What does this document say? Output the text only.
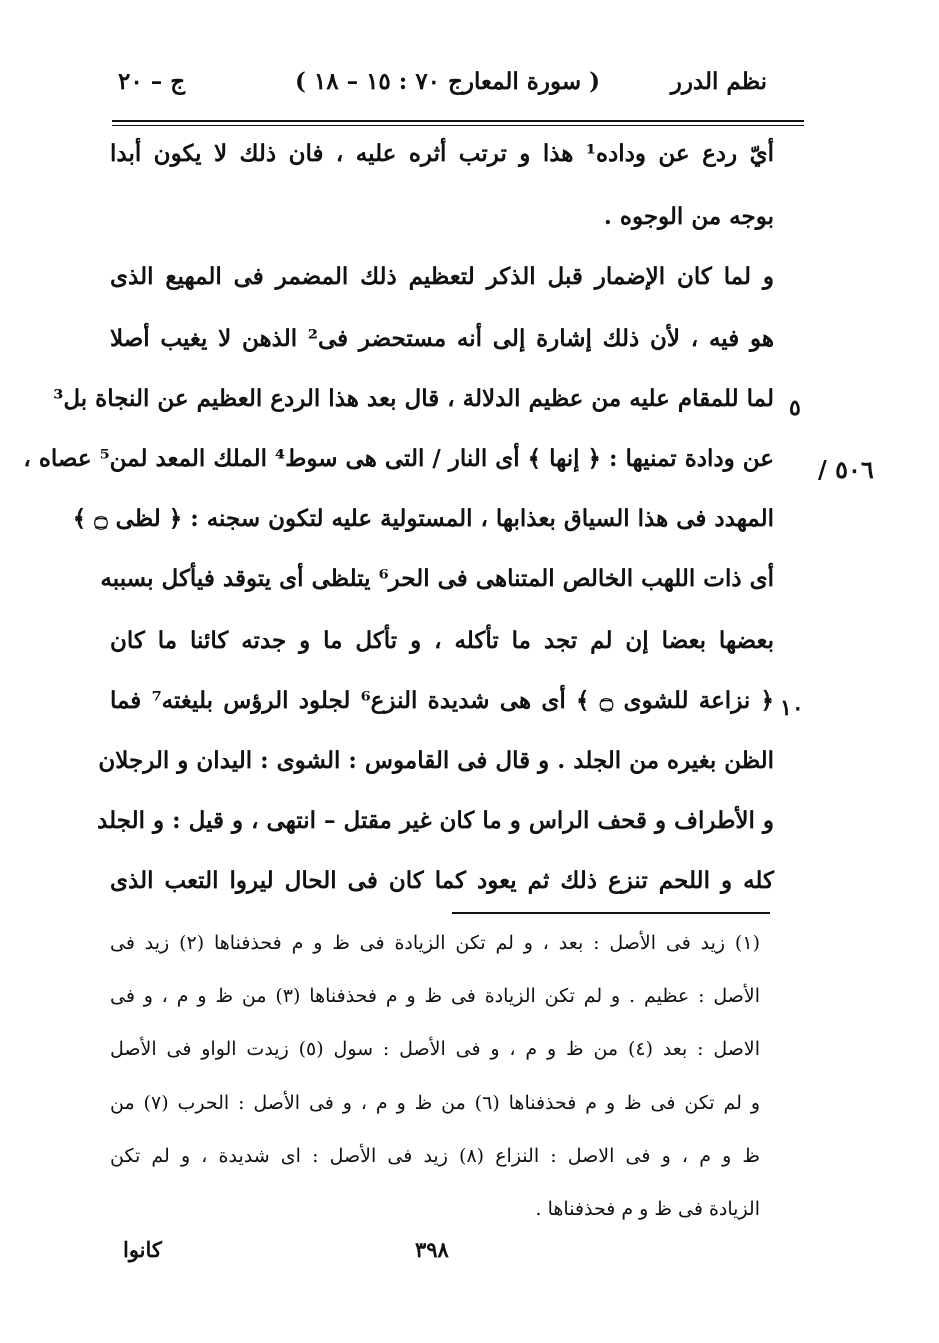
نظم الدرر
( سورة المعارج ٧٠ : ١٥ – ١٨ )
ج – ٢٠
أيّ ردع عن وداده¹ هذا و ترتب أثره عليه ، فان ذلك لا يكون أبدا
بوجه من الوجوه .
و لما كان الإضمار قبل الذكر لتعظيم ذلك المضمر فى المهيع الذى
هو فيه ، لأن ذلك إشارة إلى أنه مستحضر فى² الذهن لا يغيب أصلا
لما للمقام عليه من عظيم الدلالة ، قال بعد هذا الردع العظيم عن النجاة بل³
عن ودادة تمنيها : ﴿ إنها ﴾ أى النار / التى هى سوط⁴ الملك المعد لمن⁵ عصاه ،
المهدد فى هذا السياق بعذابها ، المستولية عليه لتكون سجنه : ﴿ لظى ۝ ﴾
أى ذات اللهب الخالص المتناهى فى الحر⁶ يتلظى أى يتوقد فيأكل بسببه
بعضها بعضا إن لم تجد ما تأكله ، و تأكل ما و جدته كائنا ما كان
﴿ نزاعة للشوى ۝ ﴾ أى هى شديدة النزع⁶ لجلود الرؤس بليغته⁷ فما
الظن بغيره من الجلد . و قال فى القاموس : الشوى : اليدان و الرجلان
و الأطراف و قحف الراس و ما كان غير مقتل – انتهى ، و قيل : و الجلد
كله و اللحم تنزع ذلك ثم يعود كما كان فى الحال ليروا التعب الذى
٥
١٠
٥٠٦ /
(١) زيد فى الأصل : بعد ، و لم تكن الزيادة فى ظ و م فحذفناها (٢) زيد فى
الأصل : عظيم . و لم تكن الزيادة فى ظ و م فحذفناها (٣) من ظ و م ، و فى
الاصل : بعد (٤) من ظ و م ، و فى الأصل : سول (٥) زيدت الواو فى الأصل
و لم تكن فى ظ و م فحذفناها (٦) من ظ و م ، و فى الأصل : الحرب (٧) من
ظ و م ، و فى الاصل : النزاع (٨) زيد فى الأصل : اى شديدة ، و لم تكن
الزيادة فى ظ و م فحذفناها .
٣٩٨
كانوا
